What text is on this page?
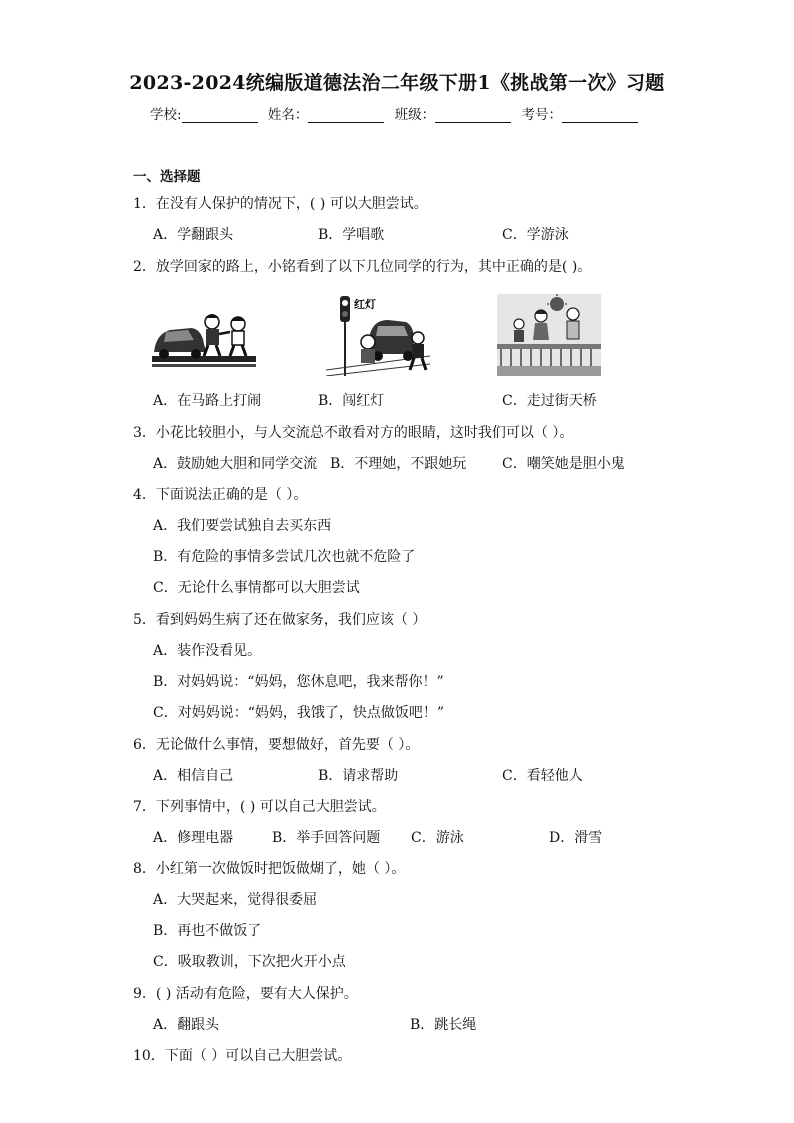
2023-2024统编版道德法治二年级下册1《挑战第一次》习题
学校:	姓名：	班级：	考号：
一、选择题
1．在没有人保护的情况下，( ) 可以大胆尝试。
A．学翻跟头	B．学唱歌	C．学游泳
2．放学回家的路上，小铭看到了以下几位同学的行为，其中正确的是( )。
红灯
A．在马路上打闹	B．闯红灯	C．走过街天桥
3．小花比较胆小，与人交流总不敢看对方的眼睛，这时我们可以（ ）。
A．鼓励她大胆和同学交流 B．不理她，不跟她玩	C．嘲笑她是胆小鬼
4．下面说法正确的是（ ）。
A．我们要尝试独自去买东西
B．有危险的事情多尝试几次也就不危险了
C．无论什么事情都可以大胆尝试
5．看到妈妈生病了还在做家务，我们应该（ ）
A．装作没看见。
B．对妈妈说：“妈妈，您休息吧，我来帮你！”
C．对妈妈说：“妈妈，我饿了，快点做饭吧！”
6．无论做什么事情，要想做好，首先要（ ）。
A．相信自己	B．请求帮助	C．看轻他人
7．下列事情中，( ) 可以自己大胆尝试。
A．修理电器	B．举手回答问题 C．游泳	D．滑雪
8．小红第一次做饭时把饭做煳了，她（ ）。
A．大哭起来，觉得很委屈
B．再也不做饭了
C．吸取教训，下次把火开小点
9．( ) 活动有危险，要有大人保护。
A．翻跟头	B．跳长绳
10．下面（ ）可以自己大胆尝试。
